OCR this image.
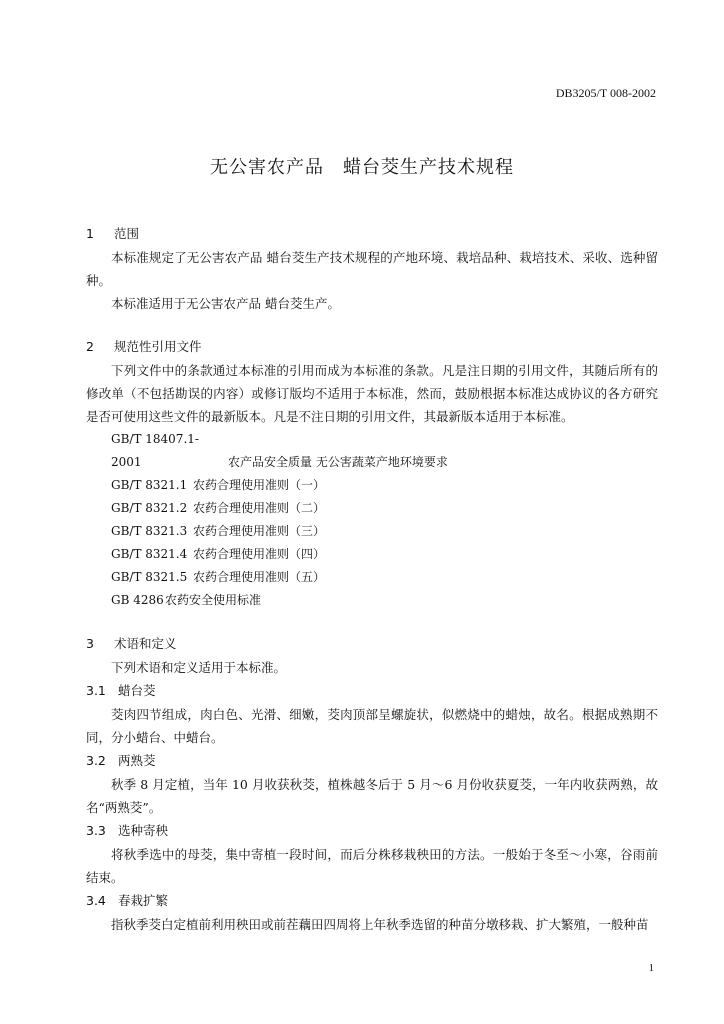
DB3205/T 008-2002
无公害农产品　蜡台茭生产技术规程
1 范围

本标准规定了无公害农产品 蜡台茭生产技术规程的产地环境、栽培品种、栽培技术、采收、选种留种。

本标准适用于无公害农产品 蜡台茭生产。

2 规范性引用文件

下列文件中的条款通过本标准的引用而成为本标准的条款。凡是注日期的引用文件，其随后所有的修改单（不包括勘误的内容）或修订版均不适用于本标准，然而，鼓励根据本标准达成协议的各方研究是否可使用这些文件的最新版本。凡是不注日期的引用文件，其最新版本适用于本标准。

GB/T 18407.1-2001	农产品安全质量 无公害蔬菜产地环境要求

GB/T 8321.1 农药合理使用准则（一）

GB/T 8321.2 农药合理使用准则（二）

GB/T 8321.3 农药合理使用准则（三）

GB/T 8321.4 农药合理使用准则（四）

GB/T 8321.5 农药合理使用准则（五）

GB 4286农药安全使用标准

3 术语和定义

下列术语和定义适用于本标准。

3.1 蜡台茭

茭肉四节组成，肉白色、光滑、细嫩，茭肉顶部呈螺旋状，似燃烧中的蜡烛，故名。根据成熟期不同，分小蜡台、中蜡台。

3.2 两熟茭

秋季 8 月定植，当年 10 月收获秋茭，植株越冬后于 5 月～6 月份收获夏茭，一年内收获两熟，故名“两熟茭”。

3.3 选种寄秧

将秋季选中的母茭，集中寄植一段时间，而后分株移栽秧田的方法。一般始于冬至～小寒，谷雨前结束。

3.4 春栽扩繁

指秋季茭白定植前利用秧田或前茬藕田四周将上年秋季选留的种苗分墩移栽、扩大繁殖，一般种苗

1
